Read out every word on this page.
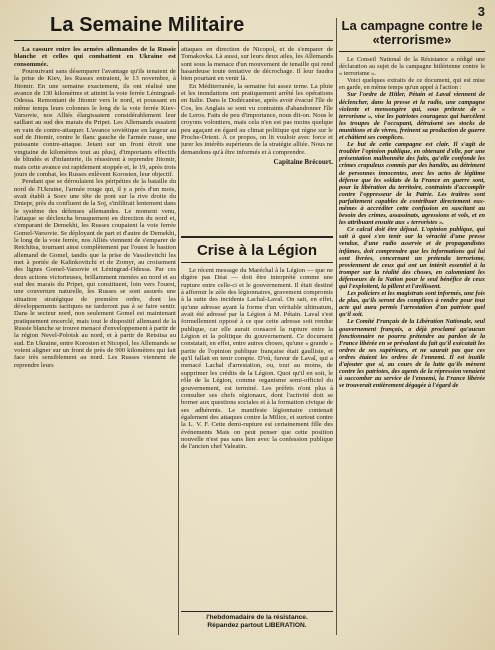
3
La Semaine Militaire	La campagne contre le «terrorisme»

La cassure entre les armées allemandes de la Russie blanche et celles qui combattent en Ukraine est consommée.

Poursuivant sans désemparer l'avantage qu'ils tenaient de la prise de Kiev, les Russes entraient, le 13 novembre, à Jitomir. En une semaine exactement, ils ont réalisé une avance de 130 kilomètres et atteint la voie ferrée Léningrad-Odessa. Remontant de Jitomir vers le nord, et poussant en même temps leurs colonnes le long de la voie ferrée Kiev-Varsovie, nos Alliés élargissaient considérablement leur saillant au sud des marais du Pripet. Les Allemands essaient en vain de contre-attaquer. L'avance soviétique en largeur au sud de Jitomir, contre le flanc gauche de l'armée russe, une puissante contre-attaque. Jetant sur un front étroit une vingtaine de kilomètres tout au plus), d'importants effectifs de blindés et d'infanterie, ils réussirent à reprendre Jitomir, mais cette avance est rapidement stoppée et, le 19, après trois jours de combat, les Russes enlèvent Korosten, leur objectif.

Pendant que se déroulaient les péripéties de la bataille du nord de l'Ukraine, l'armée rouge qui, il y a près d'un mois, avait établi à Soev une tête de pont sur la rive droite du Dniepr, près du confluent de la Soj, s'infiltrait lentement dans le système des défenses allemandes. Le moment venu, l'attaque se déclencha brusquement en direction du nord et, s'emparant de Demekhi, les Russes coupaient la voie ferrée Gomel-Varsovie. Se déployant de part et d'autre de Demekhi, le long de la voie ferrée, nos Alliés viennent de s'emparer de Retchitsa, tournant ainsi complètement par l'ouest le bastion allemand de Gomel, tandis que la prise de Vassilevitchi les met à portée de Kalinkovitchi et de Zomyr, au croisement des lignes Gomel-Varsovie et Léningrad-Odessa. Par ces deux actions victorieuses, brillamment menées au nord et au sud des marais du Pripet, qui constituent, loin vers l'ouest, une couverture naturelle, les Russes se sont assurés une situation stratégique de première ordre, dont les développements tactiques ne tarderont pas à se faire sentir. Dans le secteur nord, non seulement Gomel est maintenant pratiquement encerclé, mais tout le dispositif allemand de la Russie blanche se trouve menacé d'enveloppement à partir de la région Nevel-Polotsk au nord, et à partir de Retsitsa au sud. En Ukraine, entre Korosten et Nicopol, les Allemands se voient aligner sur un front de près de 900 kilomètres qui fait face très sensiblement au nord. Les Russes viennent de reprendre leurs

attaques en direction de Nicopol, et de s'emparer de Tomakovka. Là aussi, sur leurs deux ailes, les Allemands sont sous la menace d'un mouvement de tenaille qui rend hasardeuse toute tentative de décrochage. Il leur faudra bien pourtant en venir là.

En Méditerranée, la semaine fut assez terne. La pluie et les inondations ont pratiquement arrêté les opérations en Italie. Dans le Dodécanèse, après avoir évacué l'île de Cos, les Anglais se sont vu contraints d'abandonner l'île de Leros. Faits de peu d'importance, nous dit-on. Nous le croyons volontiers, mais cela n'en est pas moins quelque peu agaçant en égard au climat politique qui règne sur le Proche-Orient. À ce propos, on lit vouloir avec force et jurer les intérêts supérieurs de la stratégie alliée. Nous ne demandons qu'à être informés et à comprendre.

Capitaine Brécourt.

Crise à la Légion

Le récent message du Maréchal à la Légion — que ne digère pas Déat — doit être interprété comme une rupture entre celle-ci et le gouvernement. Il était destiné à affermir le zèle des légionnaires, gravement compromis à la suite des incidents Lachal-Laval. On sait, en effet, qu'une adresse ayant la forme d'un véritable ultimatum, avait été adressé par la Légion à M. Pétain. Laval s'est formellement opposé à ce que cette adresse soit rendue publique, car elle aurait consacré la rupture entre la Légion et la politique du gouvernement. Ce document constatait, en effet, entre autres choses, qu'une « grande » partie de l'opinion publique française était gaulliste, et qu'il fallait en tenir compte. D'où, fureur de Laval, qui a menacé Lachal d'arrestation, ou, tout au moins, de supprimer les crédits de la Légion. Quoi qu'il en soit, le rôle de la Légion, comme organisme semi-officiel du gouvernement, est terminé. Les préfets n'ont plus à consulter ses chefs régionaux, dont l'activité doit se borner aux questions sociales et à la formation civique de ses adhérents. Le manifeste légionnaire contenait également des attaques contre la Milice, et surtout contre la L. V. F. Cette demi-rupture est certainement fille des événements Mais on peut penser que cette position nouvelle n'est pas sans lien avec la confession publique de l'ancien chef Valeatin.

l'hebdomadaire de la résistance.
Répandez partout LIBERATION.

Le Conseil National de la Résistance a rédigé une déclaration au sujet de la campagne hitlérienne contre le « terrorisme ».

Voici quelques extraits de ce document, qui est mise en garde, en même temps qu'un appel à l'action :

Sur l'ordre de Hitler, Pétain et Laval viennent de déclencher, dans la presse et la radio, une campagne violente et mensongère qui, sous prétexte de « terrorisme », vise les patriotes courageux qui harcèlent les troupes de l'occupant, détruisent ses stocks de munitions et de vivres, freinent sa production de guerre et châtient ses complices.

Le but de cette campagne est clair. Il s'agit de troubler l'opinion publique, en obtenant d'elle, par une présentation malhonnête des faits, qu'elle confonde les crimes crapuleux commis par des bandits, au détriment de personnes innocentes, avec les actes de légitime défense que les soldats de la France en guerre sont, pour la libération du territoire, contraints d'accomplir contre l'oppresseur de la Patrie. Les traîtres sont parfaitement capables de contribuer directement eux-mêmes à accréditer cette confusion en suscitant au besoin des crimes, assassinats, agressions et vols, et en les attribuant ensuite aux « terroristes ».

Ce calcul doit être déjoué. L'opinion publique, qui sait à quoi s'en tenir sur la véracité d'une presse vendue, d'une radio asservie et de propagandistes infâmes, doit comprendre que les informations qui lui sont livrées, concernant un prétendu terrorisme, proviennent de ceux qui ont un intérêt essentiel à la tromper sur la réalité des choses, en calomniant les défenseurs de la Nation pour le seul bénéfice de ceux qui l'exploitent, la pillent et l'avilissent.

Les policiers et les magistrats sont informés, une fois de plus, qu'ils seront des complices à rendre pour tout acte qui aura permis l'arrestation d'un patriote quel qu'il soit.

Le Comité Français de la Libération Nationale, seul gouvernement français, a déjà proclamé qu'aucun fonctionnaire ne pourra prétendre au pardon de la France libérée en se prévalant du fait qu'il exécutait les ordres de ses supérieurs, et ne saurait pas que ces ordres étaient les ordres de l'ennemi. Il est inutile d'ajouter que si, au cours de la lutte qu'ils mènent contre les patriotes, des agents de la répression venaient à succomber au service de l'ennemi, la France libérée se trouverait entièrement dégagée à l'égard de
